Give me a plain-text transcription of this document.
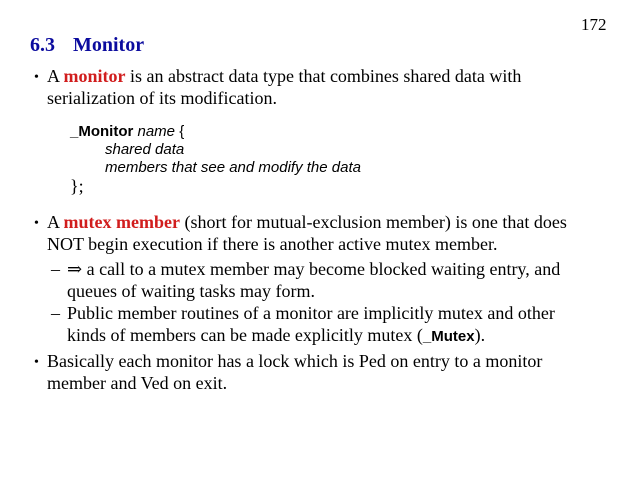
172
6.3 Monitor
• A monitor is an abstract data type that combines shared data with
serialization of its modification.
_Monitor name {
shared data
members that see and modify the data
};
• A mutex member (short for mutual-exclusion member) is one that does
NOT begin execution if there is another active mutex member.
– ⇒ a call to a mutex member may become blocked waiting entry, and
queues of waiting tasks may form.
– Public member routines of a monitor are implicitly mutex and other
kinds of members can be made explicitly mutex (_Mutex).
• Basically each monitor has a lock which is Ped on entry to a monitor
member and Ved on exit.
